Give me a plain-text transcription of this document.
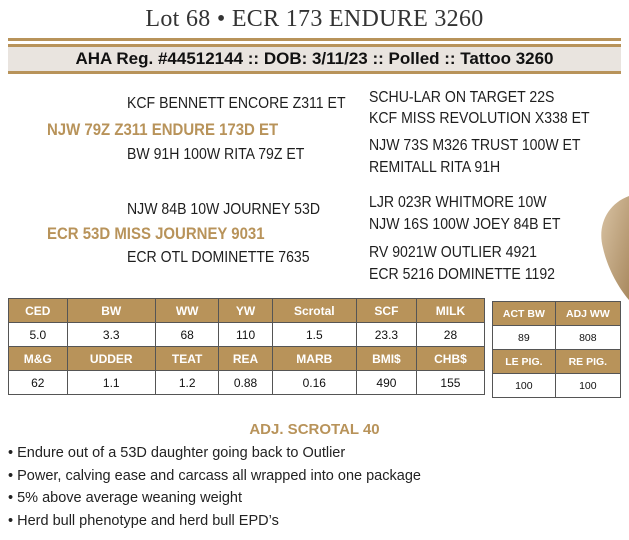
Lot 68 • ECR 173 ENDURE 3260
AHA Reg. #44512144 :: DOB: 3/11/23 :: Polled :: Tattoo 3260
KCF BENNETT ENCORE Z311 ET
NJW 79Z Z311 ENDURE 173D ET
BW 91H 100W RITA 79Z ET
NJW 84B 10W JOURNEY 53D
ECR 53D MISS JOURNEY 9031
ECR OTL DOMINETTE 7635
SCHU-LAR ON TARGET 22S
KCF MISS REVOLUTION X338 ET
NJW 73S M326 TRUST 100W ET
REMITALL RITA 91H
LJR 023R WHITMORE 10W
NJW 16S 100W JOEY 84B ET
RV 9021W OUTLIER 4921
ECR 5216 DOMINETTE 1192
CED	BW	WW	YW	Scrotal	SCF	MILK
5.0	3.3	68	110	1.5	23.3	28
M&G	UDDER	TEAT	REA	MARB	BMI$	CHB$
62	1.1	1.2	0.88	0.16	490	155
ACT BW	ADJ WW
89	808
LE PIG.	RE PIG.
100	100
ADJ. SCROTAL 40
• Endure out of a 53D daughter going back to Outlier
• Power, calving ease and carcass all wrapped into one package
• 5% above average weaning weight
• Herd bull phenotype and herd bull EPD’s
